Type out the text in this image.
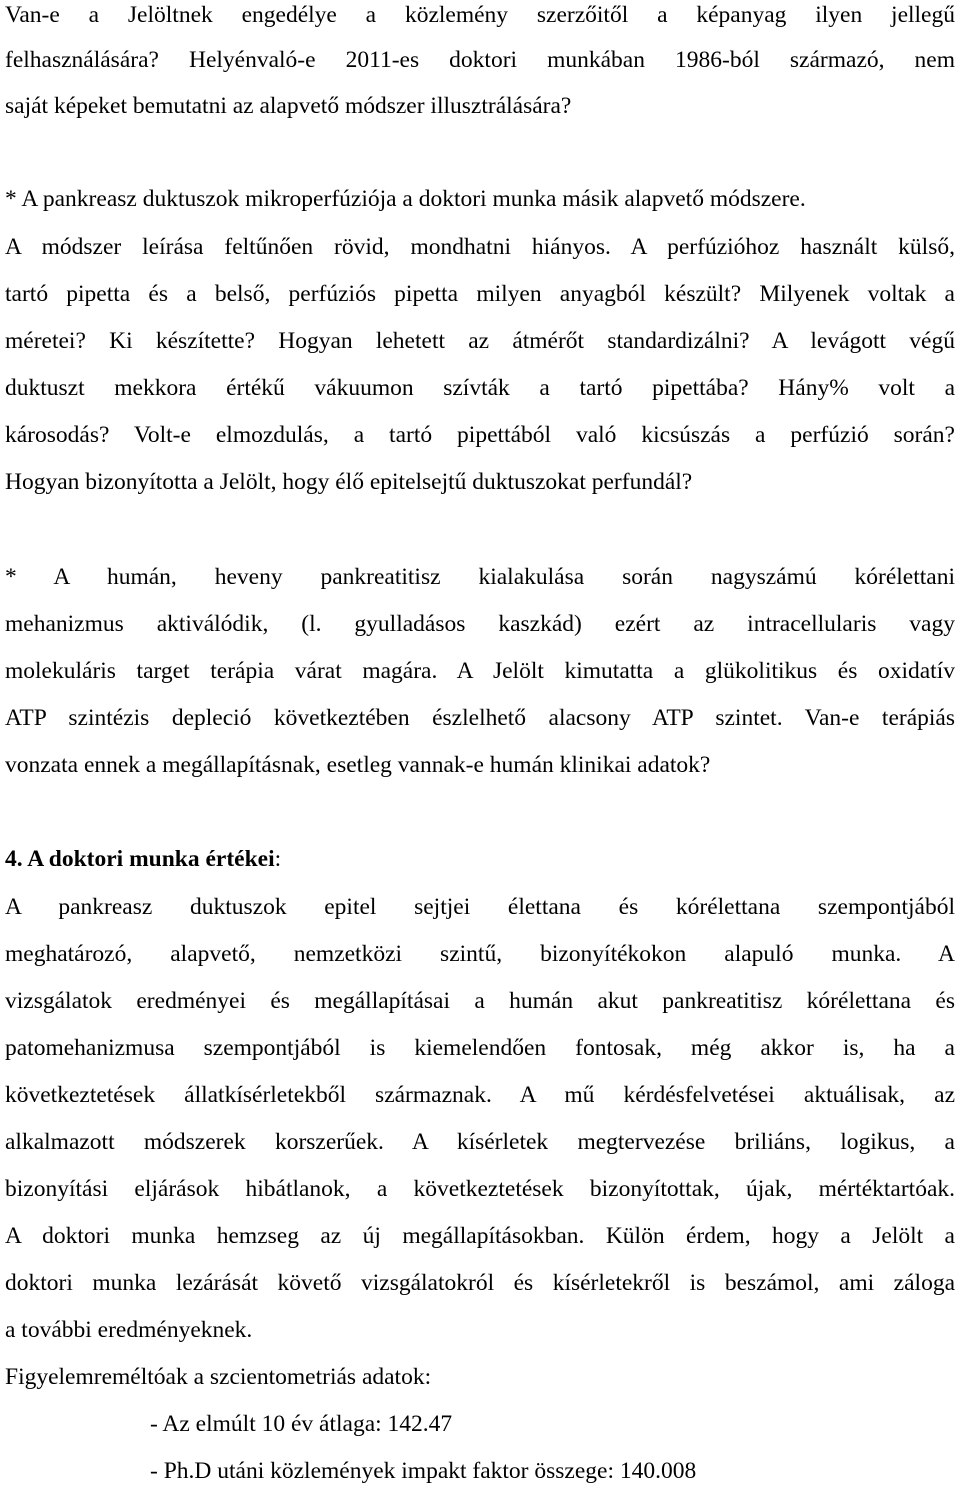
Van-e a Jelöltnek engedélye a közlemény szerzőitől a képanyag ilyen jellegű
felhasználására? Helyénvaló-e 2011-es doktori munkában 1986-ból származó, nem
saját képeket bemutatni az alapvető módszer illusztrálására?
* A pankreasz duktuszok mikroperfúziója a doktori munka másik alapvető módszere.
A módszer leírása feltűnően rövid, mondhatni hiányos. A perfúzióhoz használt külső,
tartó pipetta és a belső, perfúziós pipetta milyen anyagból készült? Milyenek voltak a
méretei? Ki készítette? Hogyan lehetett az átmérőt standardizálni? A levágott végű
duktuszt mekkora értékű vákuumon szívták a tartó pipettába? Hány% volt a
károsodás? Volt-e elmozdulás, a tartó pipettából való kicsúszás a perfúzió során?
Hogyan bizonyította a Jelölt, hogy élő epitelsejtű duktuszokat perfundál?
* A humán, heveny pankreatitisz kialakulása során nagyszámú kórélettani
mehanizmus aktiválódik, (l. gyulladásos kaszkád) ezért az intracellularis vagy
molekuláris target terápia várat magára. A Jelölt kimutatta a glükolitikus és oxidatív
ATP szintézis depleció következtében észlelhető alacsony ATP szintet. Van-e terápiás
vonzata ennek a megállapításnak, esetleg vannak-e humán klinikai adatok?
4. A doktori munka értékei:
A pankreasz duktuszok epitel sejtjei élettana és kórélettana szempontjából
meghatározó, alapvető, nemzetközi szintű, bizonyítékokon alapuló munka. A
vizsgálatok eredményei és megállapításai a humán akut pankreatitisz kórélettana és
patomehanizmusa szempontjából is kiemelendően fontosak, még akkor is, ha a
következtetések állatkísérletekből származnak. A mű kérdésfelvetései aktuálisak, az
alkalmazott módszerek korszerűek. A kísérletek megtervezése briliáns, logikus, a
bizonyítási eljárások hibátlanok, a következtetések bizonyítottak, újak, mértéktartóak.
A doktori munka hemzseg az új megállapításokban. Külön érdem, hogy a Jelölt a
doktori munka lezárását követő vizsgálatokról és kísérletekről is beszámol, ami záloga
a további eredményeknek.
Figyelemreméltóak a szcientometriás adatok:
- Az elmúlt 10 év átlaga: 142.47
- Ph.D utáni közlemények impakt faktor összege: 140.008
